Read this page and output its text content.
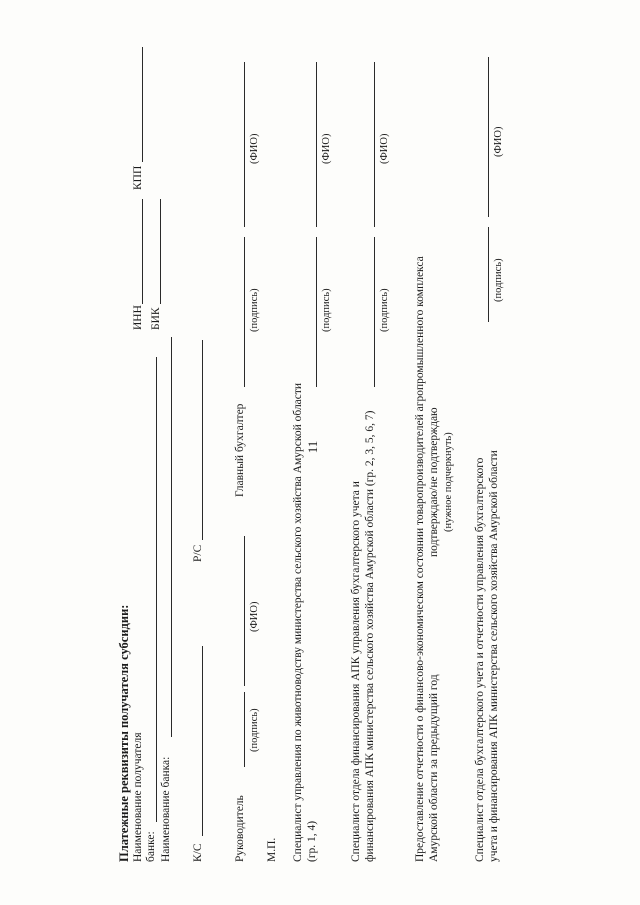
11
Платежные реквизиты получателя субсидии: Наименование получателя банке: Наименование банка:
ИНН
КПП
БИК
К/С
Р/С
Руководитель
(подпись)
(ФИО)
Главный бухгалтер
(подпись)
(ФИО)
М.П. Специалист управления по животноводству министерства сельского хозяйства Амурской области (гр. 1, 4)
(подпись)
(ФИО)
Специалист отдела финансирования АПК управления бухгалтерского учета и финансирования АПК министерства сельского хозяйства Амурской области (гр. 2, 3, 5, 6, 7)
(подпись)
(ФИО)
Предоставление отчетности о финансово-экономическом состоянии товаропроизводителей агропромышленного комплекса Амурской области за предыдущий год
подтверждаю/не подтверждаю (нужное подчеркнуть) Специалист отдела бухгалтерского учета и отчетности управления бухгалтерского учета и финансирования АПК министерства сельского хозяйства Амурской области
(подпись)
(ФИО)
